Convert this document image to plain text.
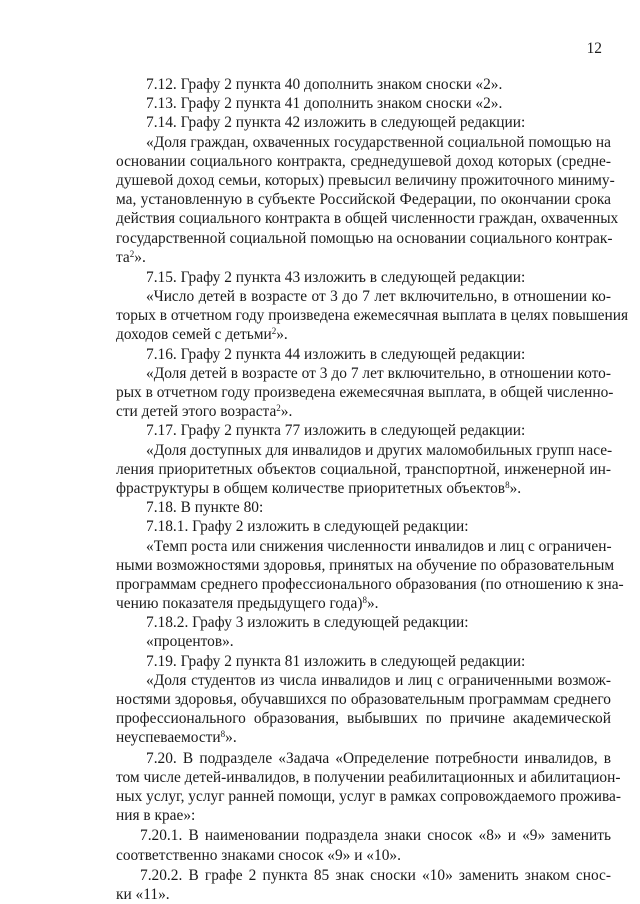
12
7.12. Графу 2 пункта 40 дополнить знаком сноски «2».
7.13. Графу 2 пункта 41 дополнить знаком сноски «2».
7.14. Графу 2 пункта 42 изложить в следующей редакции:
«Доля граждан, охваченных государственной социальной помощью на
основании социального контракта, среднедушевой доход которых (средне-
душевой доход семьи, которых) превысил величину прожиточного миниму-
ма, установленную в субъекте Российской Федерации, по окончании срока
действия социального контракта в общей численности граждан, охваченных
государственной социальной помощью на основании социального контрак-
$та^2$».
7.15. Графу 2 пункта 43 изложить в следующей редакции:
«Число детей в возрасте от 3 до 7 лет включительно, в отношении ко-
торых в отчетном году произведена ежемесячная выплата в целях повышения
доходов семей с детьми$^2$».
7.16. Графу 2 пункта 44 изложить в следующей редакции:
«Доля детей в возрасте от 3 до 7 лет включительно, в отношении кото-
рых в отчетном году произведена ежемесячная выплата, в общей численно-
сти детей этого возраста$^2$».
7.17. Графу 2 пункта 77 изложить в следующей редакции:
«Доля доступных для инвалидов и других маломобильных групп насе-
ления приоритетных объектов социальной, транспортной, инженерной ин-
фраструктуры в общем количестве приоритетных объектов$^8$».
7.18. В пункте 80:
7.18.1. Графу 2 изложить в следующей редакции:
«Темп роста или снижения численности инвалидов и лиц с ограничен-
ными возможностями здоровья, принятых на обучение по образовательным
программам среднего профессионального образования (по отношению к зна-
чению показателя предыдущего года)$^8$».
7.18.2. Графу 3 изложить в следующей редакции:
«процентов».
7.19. Графу 2 пункта 81 изложить в следующей редакции:
«Доля студентов из числа инвалидов и лиц с ограниченными возмож-
ностями здоровья, обучавшихся по образовательным программам среднего
профессионального образования, выбывших по причине академической
неуспеваемости$^8$».
7.20. В подразделе «Задача «Определение потребности инвалидов, в
том числе детей-инвалидов, в получении реабилитационных и абилитацион-
ных услуг, услуг ранней помощи, услуг в рамках сопровождаемого прожива-
ния в крае»:
7.20.1. В наименовании подраздела знаки сносок «8» и «9» заменить
соответственно знаками сносок «9» и «10».
7.20.2. В графе 2 пункта 85 знак сноски «10» заменить знаком снос-
ки «11».
